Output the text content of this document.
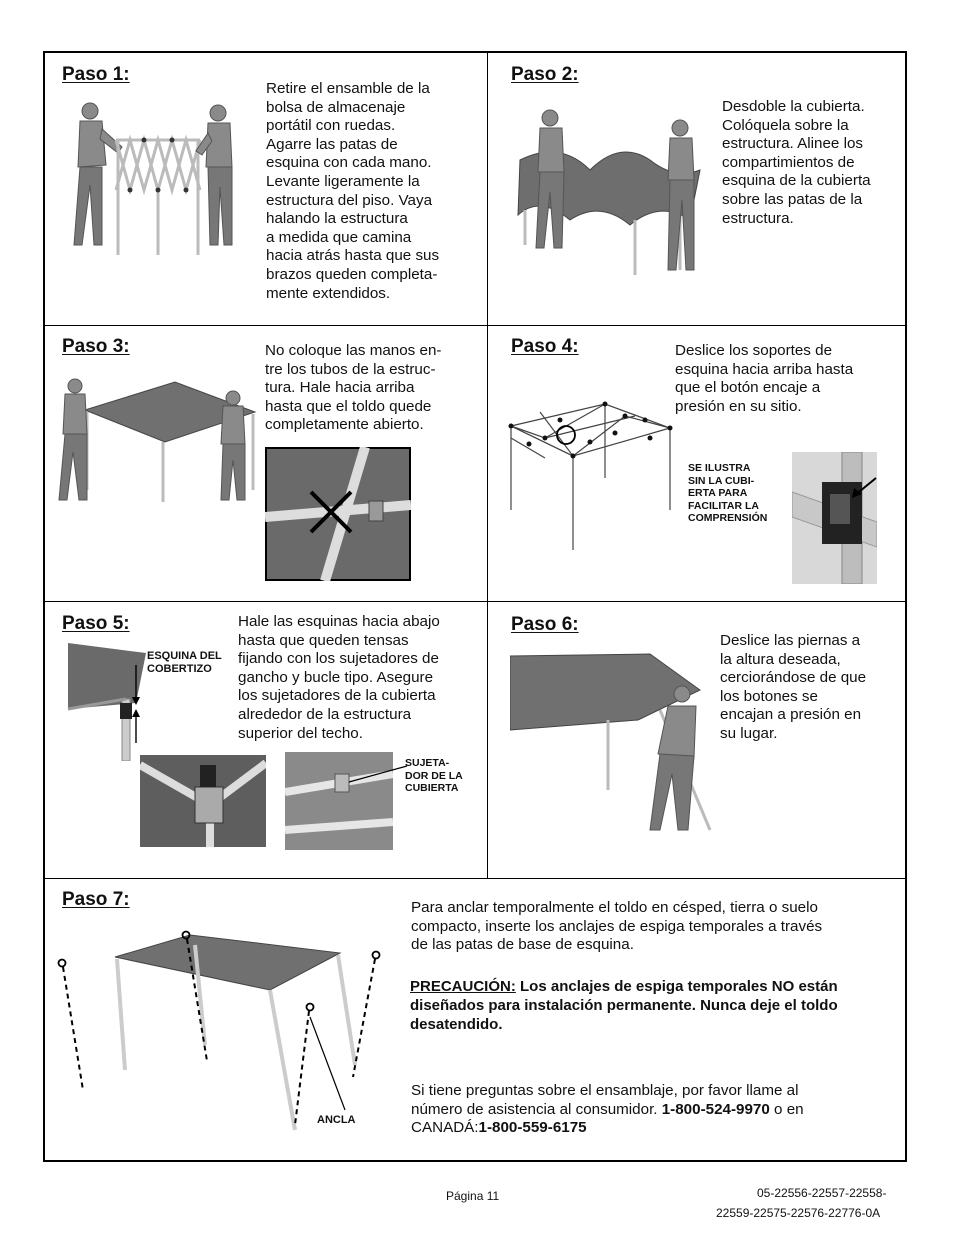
Paso 1:
Retire el ensamble de la
bolsa de almacenaje
portátil con ruedas.
Agarre las patas de
esquina con cada mano.
Levante ligeramente la
estructura del piso. Vaya
halando la estructura
a medida que camina
hacia atrás hasta que sus
brazos queden completa-
mente extendidos.
Paso 2:
Desdoble la cubierta.
Colóquela sobre la
estructura. Alinee los
compartimientos de
esquina de la cubierta
sobre las patas de la
estructura.
Paso 3:	No coloque las manos en-
tre los tubos de la estruc-
tura. Hale hacia arriba
hasta que el toldo quede
completamente abierto.
Paso 4:	Deslice los soportes de
esquina hacia arriba hasta
que el botón encaje a
presión en su sitio.
SE ILUSTRA
SIN LA CUBI-
ERTA PARA
FACILITAR LA
COMPRENSIÓN
Paso 5:	Hale las esquinas hacia abajo
hasta que queden tensas
fijando con los sujetadores de
gancho y bucle tipo. Asegure
los sujetadores de la cubierta
alrededor de la estructura
superior del techo.
ESQUINA DEL
COBERTIZO
SUJETA-
DOR DE LA
CUBIERTA
Paso 6:
Deslice las piernas a
la altura deseada,
cerciorándose de que
los botones se
encajan a presión en
su lugar.
Paso 7:	Para anclar temporalmente el toldo en césped, tierra o suelo
compacto, inserte los anclajes de espiga temporales a través
de las patas de base de esquina.
PRECAUCIÓN: Los anclajes de espiga temporales NO están diseñados para instalación permanente. Nunca deje el toldo desatendido.
Si tiene preguntas sobre el ensamblaje, por favor llame al
número de asistencia al consumidor. 1-800-524-9970 o en
CANADÁ:1-800-559-6175
ANCLA
Página 11	05-22556-22557-22558-
22559-22575-22576-22776-0A
